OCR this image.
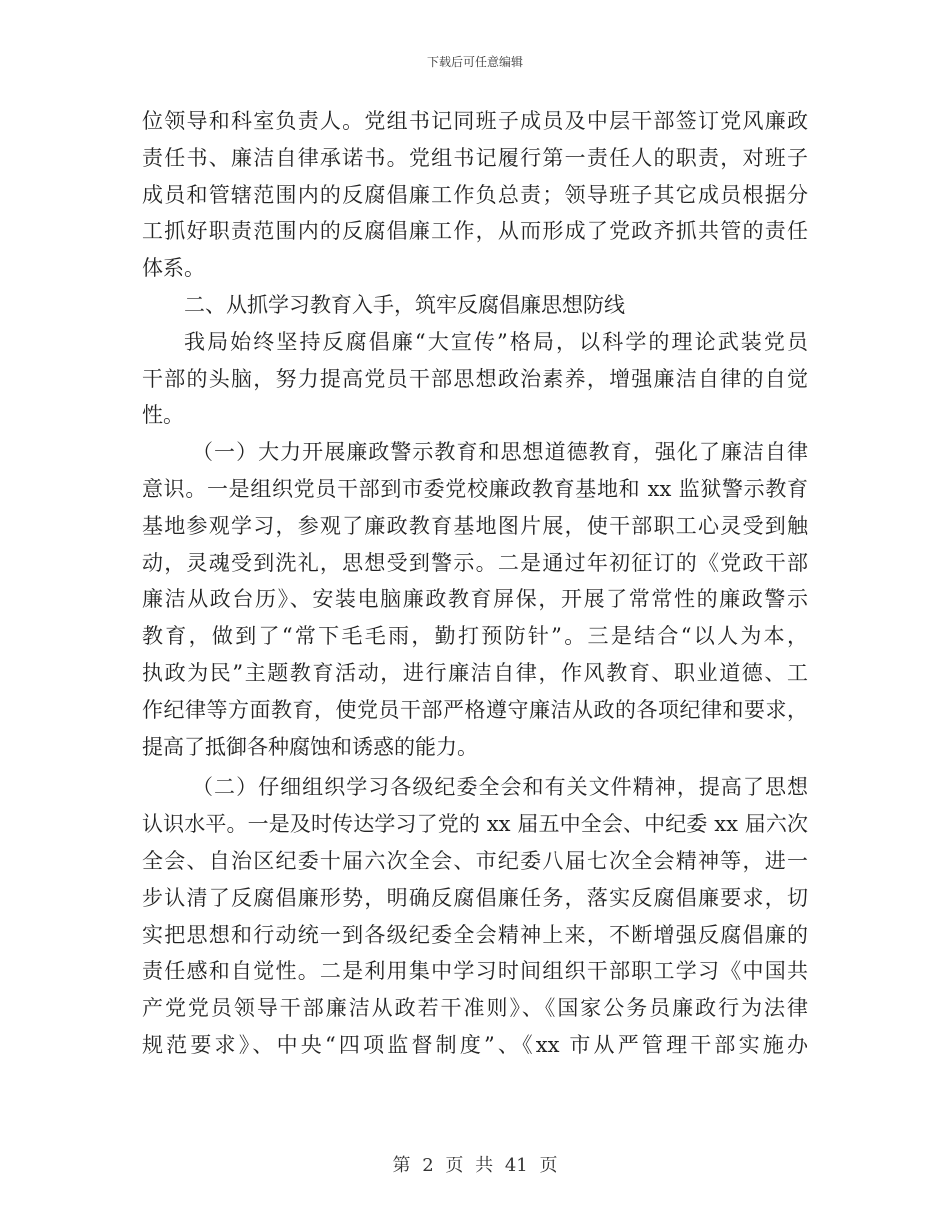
下载后可任意编辑
位领导和科室负责人。党组书记同班子成员及中层干部签订党风廉政
责任书、廉洁自律承诺书。党组书记履行第一责任人的职责，对班子
成员和管辖范围内的反腐倡廉工作负总责；领导班子其它成员根据分
工抓好职责范围内的反腐倡廉工作，从而形成了党政齐抓共管的责任
体系。
二、从抓学习教育入手，筑牢反腐倡廉思想防线
我局始终坚持反腐倡廉“大宣传”格局，以科学的理论武装党员
干部的头脑，努力提高党员干部思想政治素养，增强廉洁自律的自觉
性。
（一）大力开展廉政警示教育和思想道德教育，强化了廉洁自律
意识。一是组织党员干部到市委党校廉政教育基地和 xx 监狱警示教育
基地参观学习，参观了廉政教育基地图片展，使干部职工心灵受到触
动，灵魂受到洗礼，思想受到警示。二是通过年初征订的《党政干部
廉洁从政台历》、安装电脑廉政教育屏保，开展了常常性的廉政警示
教育，做到了“常下毛毛雨，勤打预防针”。三是结合“以人为本，
执政为民”主题教育活动，进行廉洁自律，作风教育、职业道德、工
作纪律等方面教育，使党员干部严格遵守廉洁从政的各项纪律和要求，
提高了抵御各种腐蚀和诱惑的能力。
（二）仔细组织学习各级纪委全会和有关文件精神，提高了思想
认识水平。一是及时传达学习了党的 xx 届五中全会、中纪委 xx 届六次
全会、自治区纪委十届六次全会、市纪委八届七次全会精神等，进一
步认清了反腐倡廉形势，明确反腐倡廉任务，落实反腐倡廉要求，切
实把思想和行动统一到各级纪委全会精神上来，不断增强反腐倡廉的
责任感和自觉性。二是利用集中学习时间组织干部职工学习《中国共
产党党员领导干部廉洁从政若干准则》、《国家公务员廉政行为法律
规范要求》、中央“四项监督制度”、《xx 市从严管理干部实施办
第 2 页 共 41 页
